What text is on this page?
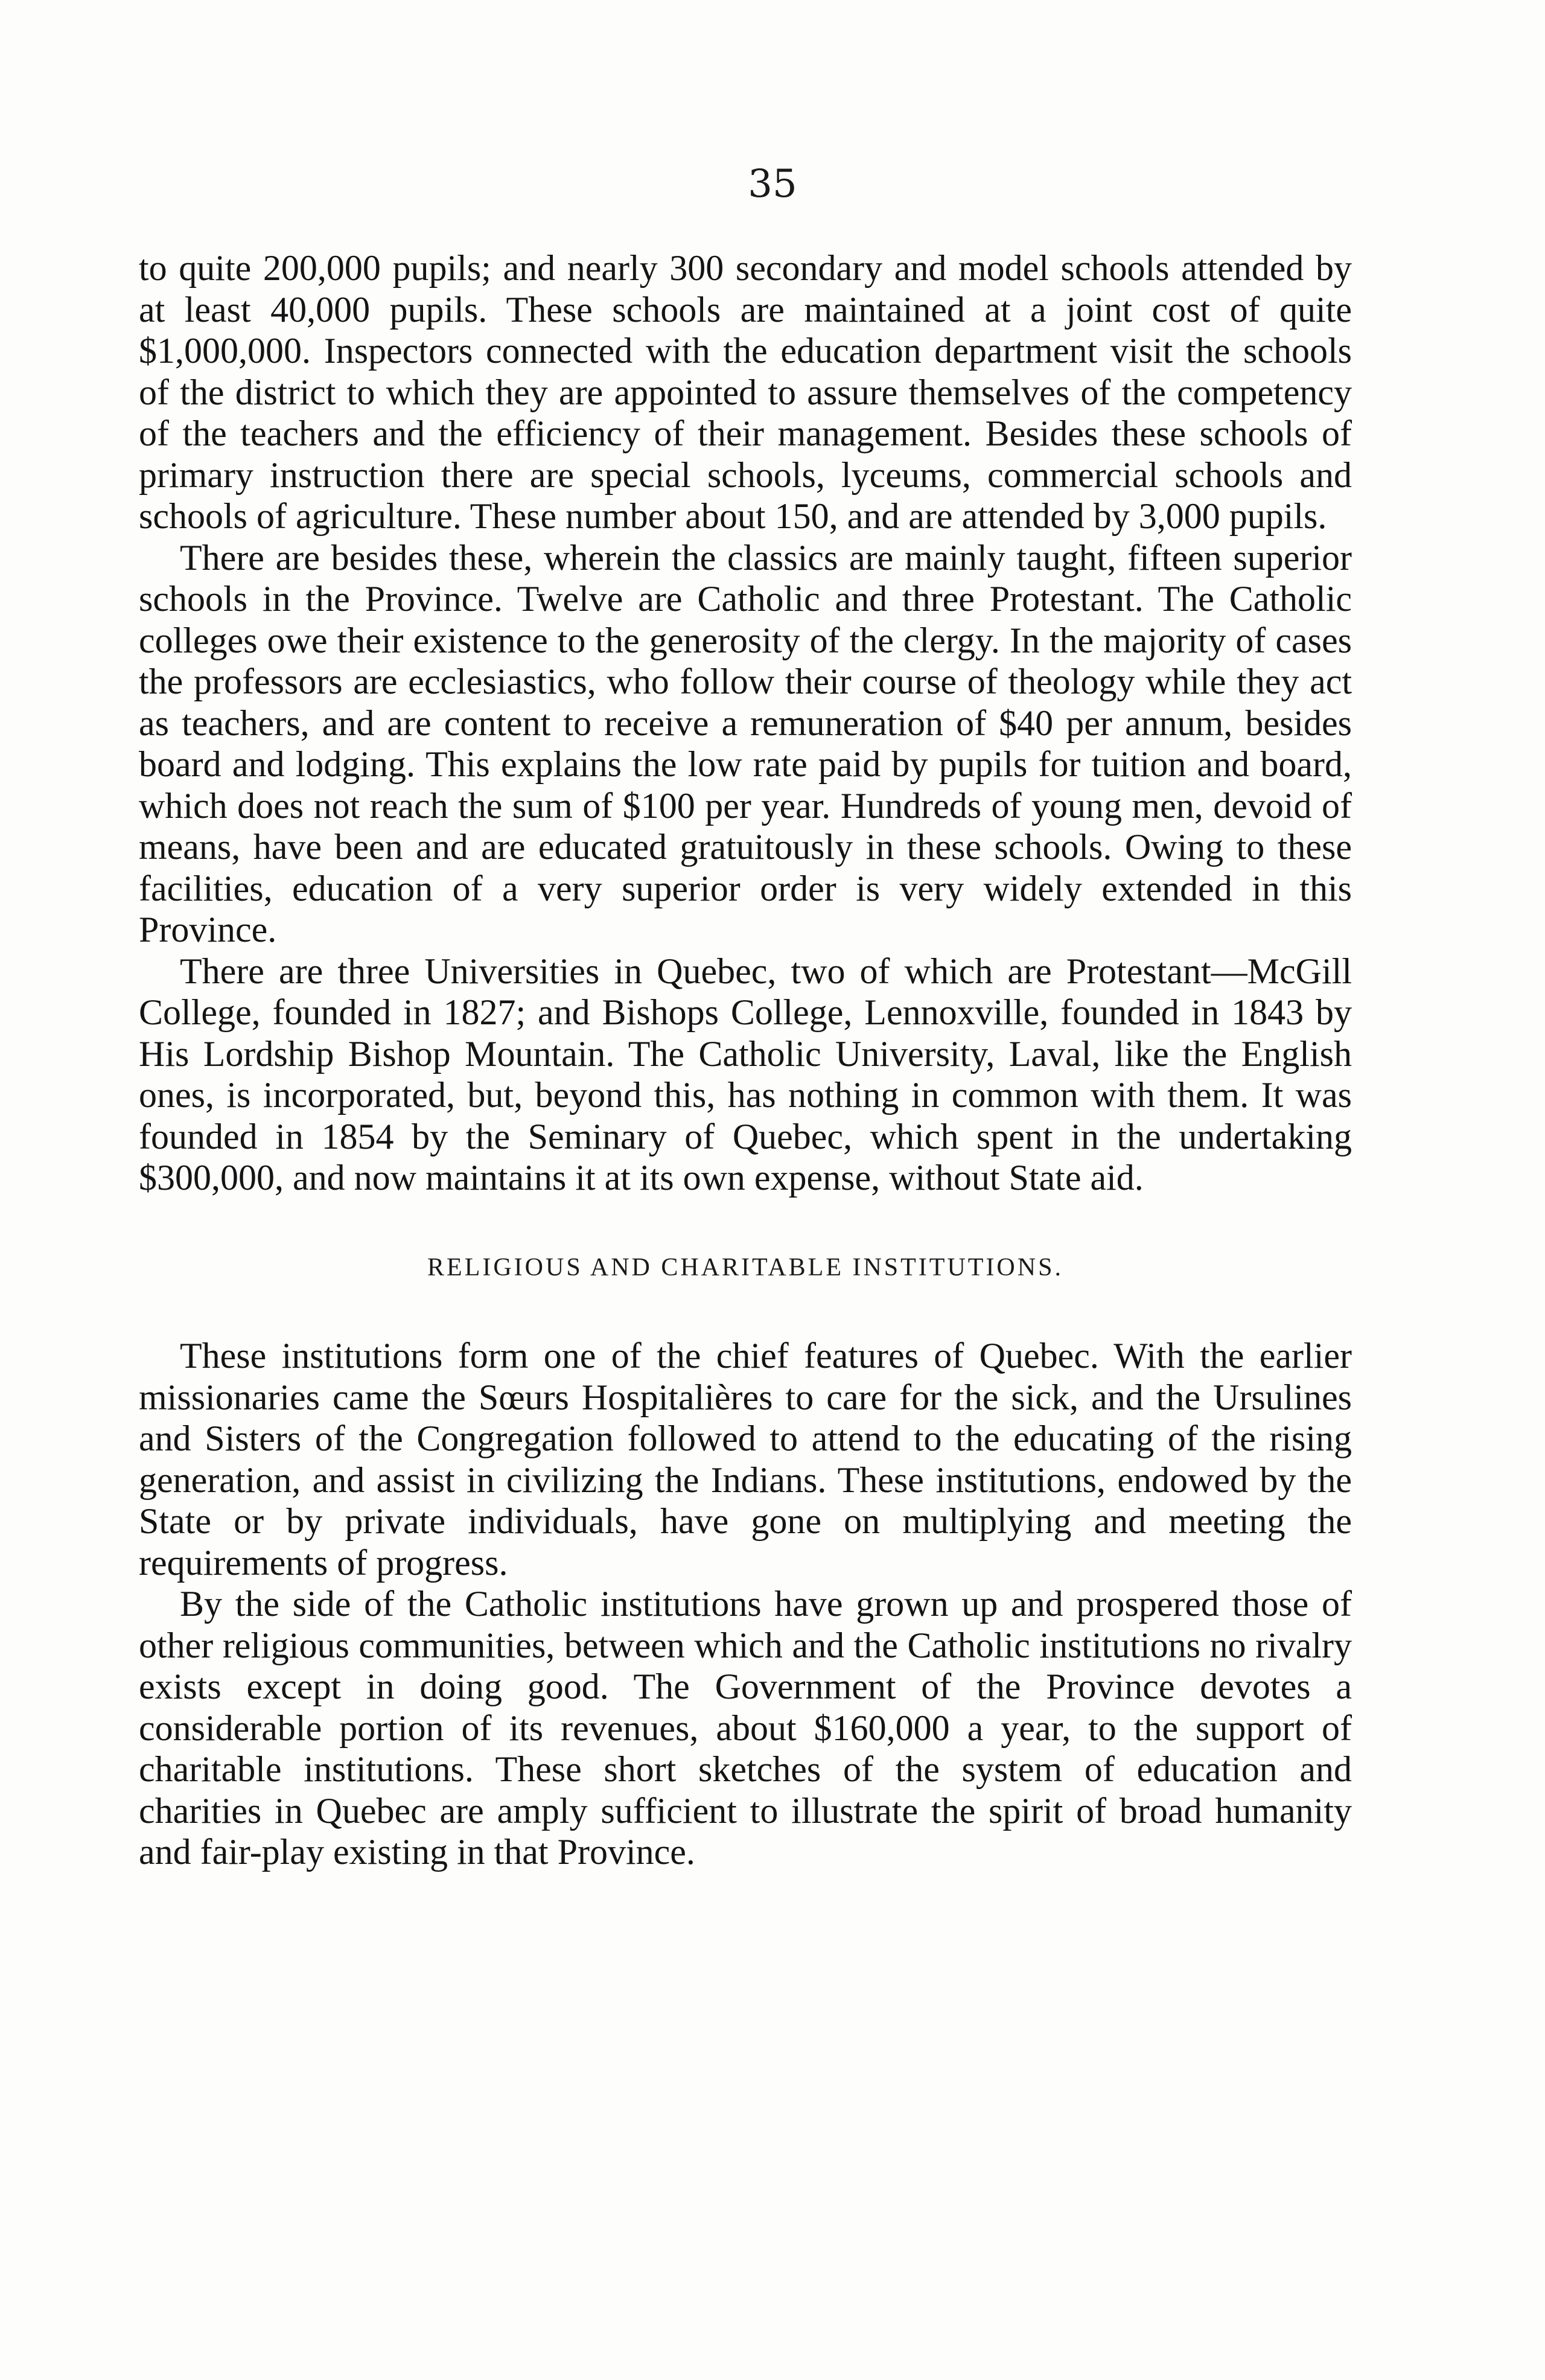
35

to quite 200,000 pupils; and nearly 300 secondary and model schools attended by at least 40,000 pupils. These schools are maintained at a joint cost of quite $1,000,000. Inspectors connected with the education department visit the schools of the district to which they are appointed to assure themselves of the competency of the teachers and the efficiency of their management. Besides these schools of primary instruction there are special schools, lyceums, commercial schools and schools of agriculture. These number about 150, and are attended by 3,000 pupils.

There are besides these, wherein the classics are mainly taught, fifteen superior schools in the Province. Twelve are Catholic and three Protestant. The Catholic colleges owe their existence to the generosity of the clergy. In the majority of cases the professors are ecclesiastics, who follow their course of theology while they act as teachers, and are content to receive a remuneration of $40 per annum, besides board and lodging. This explains the low rate paid by pupils for tuition and board, which does not reach the sum of $100 per year. Hundreds of young men, devoid of means, have been and are educated gratuitously in these schools. Owing to these facilities, education of a very superior order is very widely extended in this Province.

There are three Universities in Quebec, two of which are Protestant—McGill College, founded in 1827; and Bishops College, Lennoxville, founded in 1843 by His Lordship Bishop Mountain. The Catholic University, Laval, like the English ones, is incorporated, but, beyond this, has nothing in common with them. It was founded in 1854 by the Seminary of Quebec, which spent in the undertaking $300,000, and now maintains it at its own expense, without State aid.

RELIGIOUS AND CHARITABLE INSTITUTIONS.

These institutions form one of the chief features of Quebec. With the earlier missionaries came the Sœurs Hospitalières to care for the sick, and the Ursulines and Sisters of the Congregation followed to attend to the educating of the rising generation, and assist in civilizing the Indians. These institutions, endowed by the State or by private individuals, have gone on multiplying and meeting the requirements of progress.

By the side of the Catholic institutions have grown up and prospered those of other religious communities, between which and the Catholic institutions no rivalry exists except in doing good. The Government of the Province devotes a considerable portion of its revenues, about $160,000 a year, to the support of charitable institutions. These short sketches of the system of education and charities in Quebec are amply sufficient to illustrate the spirit of broad humanity and fair-play existing in that Province.
